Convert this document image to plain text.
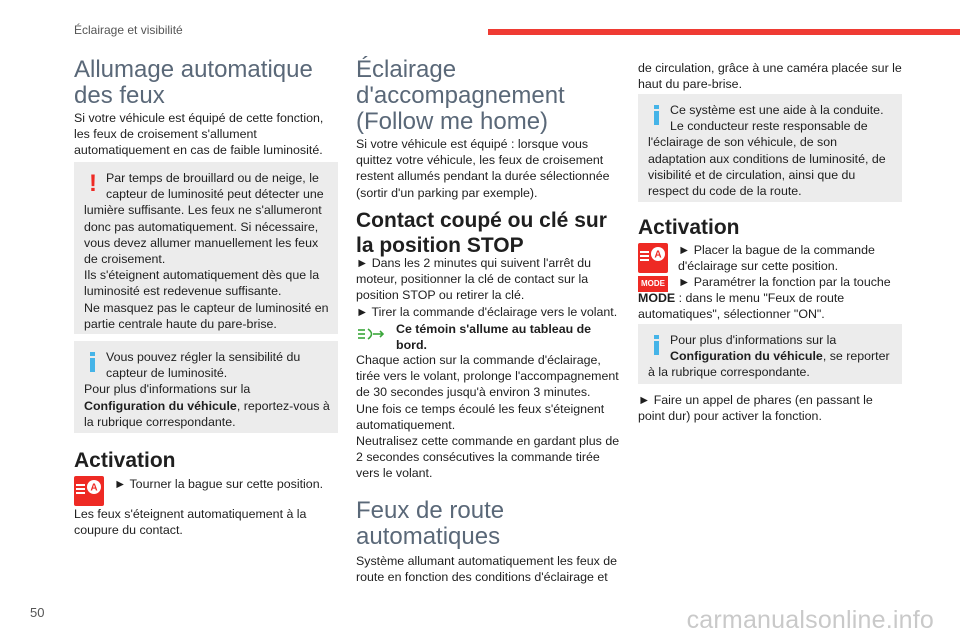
Éclairage et visibilité
Allumage automatique des feux

Si votre véhicule est équipé de cette fonction, les feux de croisement s'allument automatiquement en cas de faible luminosité.

! Par temps de brouillard ou de neige, le capteur de luminosité peut détecter une lumière suffisante. Les feux ne s'allumeront donc pas automatiquement. Si nécessaire, vous devez allumer manuellement les feux de croisement.
Ils s'éteignent automatiquement dès que la luminosité est redevenue suffisante.
Ne masquez pas le capteur de luminosité en partie centrale haute du pare-brise.
Vous pouvez régler la sensibilité du capteur de luminosité.
Pour plus d'informations sur la Configuration du véhicule, reportez-vous à la rubrique correspondante.
Activation
A ► Tourner la bague sur cette position.

Les feux s'éteignent automatiquement à la coupure du contact.

Éclairage d'accompagnement (Follow me home)

Si votre véhicule est équipé : lorsque vous quittez votre véhicule, les feux de croisement restent allumés pendant la durée sélectionnée (sortir d'un parking par exemple).

Contact coupé ou clé sur la position STOP

► Dans les 2 minutes qui suivent l'arrêt du moteur, positionner la clé de contact sur la position STOP ou retirer la clé.

► Tirer la commande d'éclairage vers le volant.

Ce témoin s'allume au tableau de bord.

Chaque action sur la commande d'éclairage, tirée vers le volant, prolonge l'accompagnement de 30 secondes jusqu'à environ 3 minutes.
Une fois ce temps écoulé les feux s'éteignent automatiquement.
Neutralisez cette commande en gardant plus de 2 secondes consécutives la commande tirée vers le volant.

Feux de route automatiques

Système allumant automatiquement les feux de route en fonction des conditions d'éclairage et

de circulation, grâce à une caméra placée sur le haut du pare-brise.

Ce système est une aide à la conduite. Le conducteur reste responsable de l'éclairage de son véhicule, de son adaptation aux conditions de luminosité, de visibilité et de circulation, ainsi que du respect du code de la route.
Activation
A
MODE

► Placer la bague de la commande d'éclairage sur cette position.

► Paramétrer la fonction par la touche MODE : dans le menu "Feux de route automatiques", sélectionner "ON".

Pour plus d'informations sur la Configuration du véhicule, se reporter à la rubrique correspondante.

► Faire un appel de phares (en passant le point dur) pour activer la fonction.

50	carmanualsonline.info
